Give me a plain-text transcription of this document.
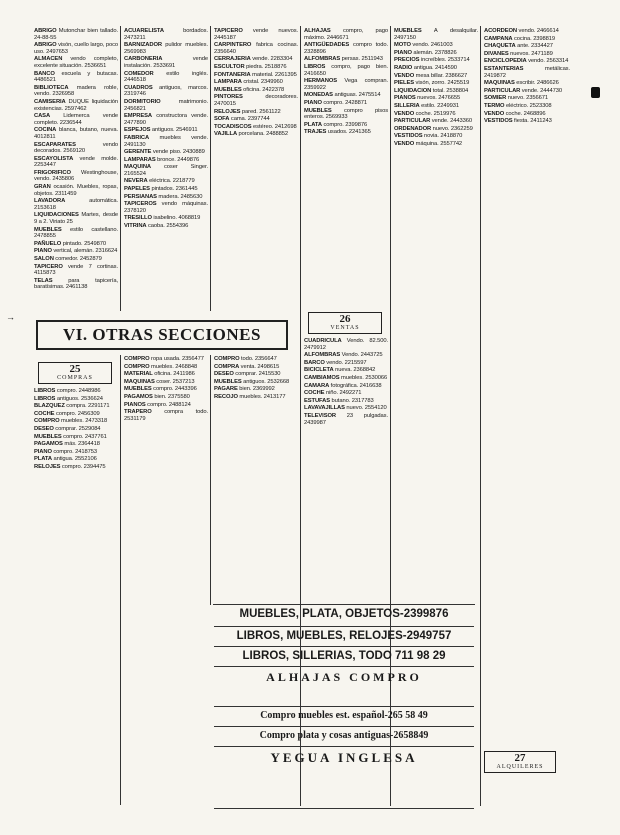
→

ABRIGO Mutonchar bien tallado. 24-88-55

ABRIGO visón, cuello largo, poco uso. 2497653

ALMACEN vendo completo, excelente situación. 2536651

BANCO escuela y butacas. 4486521

BIBLIOTECA madera roble, vendo. 2326958

CAMISERIA DUQUE liquidación existencias. 2597462

CASA Lidemerca vende completo. 2236544

COCINA blanca, butano, nueva. 4012811

ESCAPARATES vendo decorados. 2569120

ESCAYOLISTA vende molde. 2253447

FRIGORIFICO Westinghouse, vendo. 2435806

GRAN ocasión. Muebles, ropas, objetos. 2311459

LAVADORA automática. 2153618

LIQUIDACIONES Martes, desde 9 a 2. Viriato 25

MUEBLES estilo castellano. 2478855

PAÑUELO pintado. 2549870

PIANO vertical, alemán. 2316624

SALON comedor. 2452879

TAPICERO vende 7 cortinas. 4115873

TELAS para tapicería, baratísimas. 2461138

ACUARELISTA bordados. 2473211

BARNIZADOR pulidor muebles. 2569983

CARBONERIA vende instalación. 2533691

COMEDOR estilo inglés. 2446518

CUADROS antiguos, marcos. 2319746

DORMITORIO matrimonio. 2456821

EMPRESA constructora vende. 2477890

ESPEJOS antiguos. 2546911

FABRICA muebles vende. 2491130

GERENTE vende piso. 2430889

LAMPARAS bronce. 2449876

MAQUINA coser Singer. 2165524

NEVERA eléctrica. 2218779

PAPELES pintados. 2361445

PERSIANAS madera. 2485630

TAPICEROS vendo máquinas. 2378120

TRESILLO isabelino. 4068819

VITRINA caoba. 2554396

TAPICERO vende nuevos. 2445187

CARPINTERO fabrica cocinas. 2356640

CERRAJERIA vende. 2283304

ESCULTOR piedra. 2518876

FONTANERIA material. 2261395

LAMPARA cristal. 2349960

MUEBLES oficina. 2422378

PINTORES decoradores. 2470015

RELOJES pared. 2561122

SOFA cama. 2397744

TOCADISCOS estéreo. 2412698

VAJILLA porcelana. 2488852

ALHAJAS compro, pago máximo. 2446671

ANTIGÜEDADES compro todo. 2328896

ALFOMBRAS persas. 2511943

LIBROS compro, pago bien. 2416650

HERMANOS Vega compran. 2359922

MONEDAS antiguas. 2475514

PIANO compro. 2428871

MUEBLES compro pisos enteros. 2569933

PLATA compro. 2399876

TRAJES usados. 2241365

MUEBLES A desalquilar. 2497150

MOTO vendo. 2461003

PIANO alemán. 2378826

PRECIOS increíbles. 2533714

RADIO antigua. 2414590

VENDO mesa billar. 2386627

PIELES visón, zorro. 2425519

LIQUIDACION total. 2538804

PIANOS nuevos. 2476655

SILLERIA estilo. 2249931

VENDO coche. 2519976

PARTICULAR vende. 2443360

ORDENADOR nuevo. 2362259

VESTIDOS novia. 2418870

VENDO máquina. 2557742

ACORDEON vendo. 2466614

CAMPANA cocina. 2398819

CHAQUETA ante. 2334427

DIVANES nuevos. 2471189

ENCICLOPEDIA vendo. 2563314

ESTANTERIAS metálicas. 2419872

MAQUINAS escribir. 2486626

PARTICULAR vende. 2444730

SOMIER nuevo. 2356671

TERMO eléctrico. 2523308

VENDO coche. 2468896

VESTIDOS fiesta. 2411243

VI. OTRAS SECCIONES
25
COMPRAS
26
VENTAS
27
ALQUILERES

LIBROS compro. 2448986

LIBROS antiguos. 2536624

BLAZQUEZ compra. 2291171

COCHE compro. 2456309

COMPRO muebles. 2473318

DESEO comprar. 2529084

MUEBLES compro. 2437761

PAGAMOS más. 2364418

PIANO compro. 2418753

PLATA antigua. 2552106

RELOJES compro. 2394475

COMPRO ropa usada. 2356477

COMPRO muebles. 2468848

MATERIAL oficina. 2411986

MAQUINAS coser. 2537213

MUEBLES compro. 2443396

PAGAMOS bien. 2375580

PIANOS compro. 2488124

TRAPERO compra todo. 2531179

COMPRO todo. 2356647

COMPRA venta. 2498615

DESEO comprar. 2415530

MUEBLES antiguos. 2532668

PAGARE bien. 2369992

RECOJO muebles. 2413177

CUADRICULA Vendo. 82.500. 2479912

ALFOMBRAS Vendo. 2443725

BARCO vendo. 2215597

BICICLETA nueva. 2368842

CAMBIAMOS muebles. 2530066

CAMARA fotográfica. 2416638

COCHE niño. 2492271

ESTUFAS butano. 2317783

LAVAVAJILLAS nuevo. 2554120

TELEVISOR 23 pulgadas. 2439987

MUEBLES, PLATA, OBJETOS-2399876
LIBROS, MUEBLES, RELOJES-2949757
LIBROS, SILLERIAS, TODO 711 98 29
ALHAJAS COMPRO
Compro muebles est. español-265 58 49
Compro plata y cosas antiguas-2658849
YEGUA INGLESA
